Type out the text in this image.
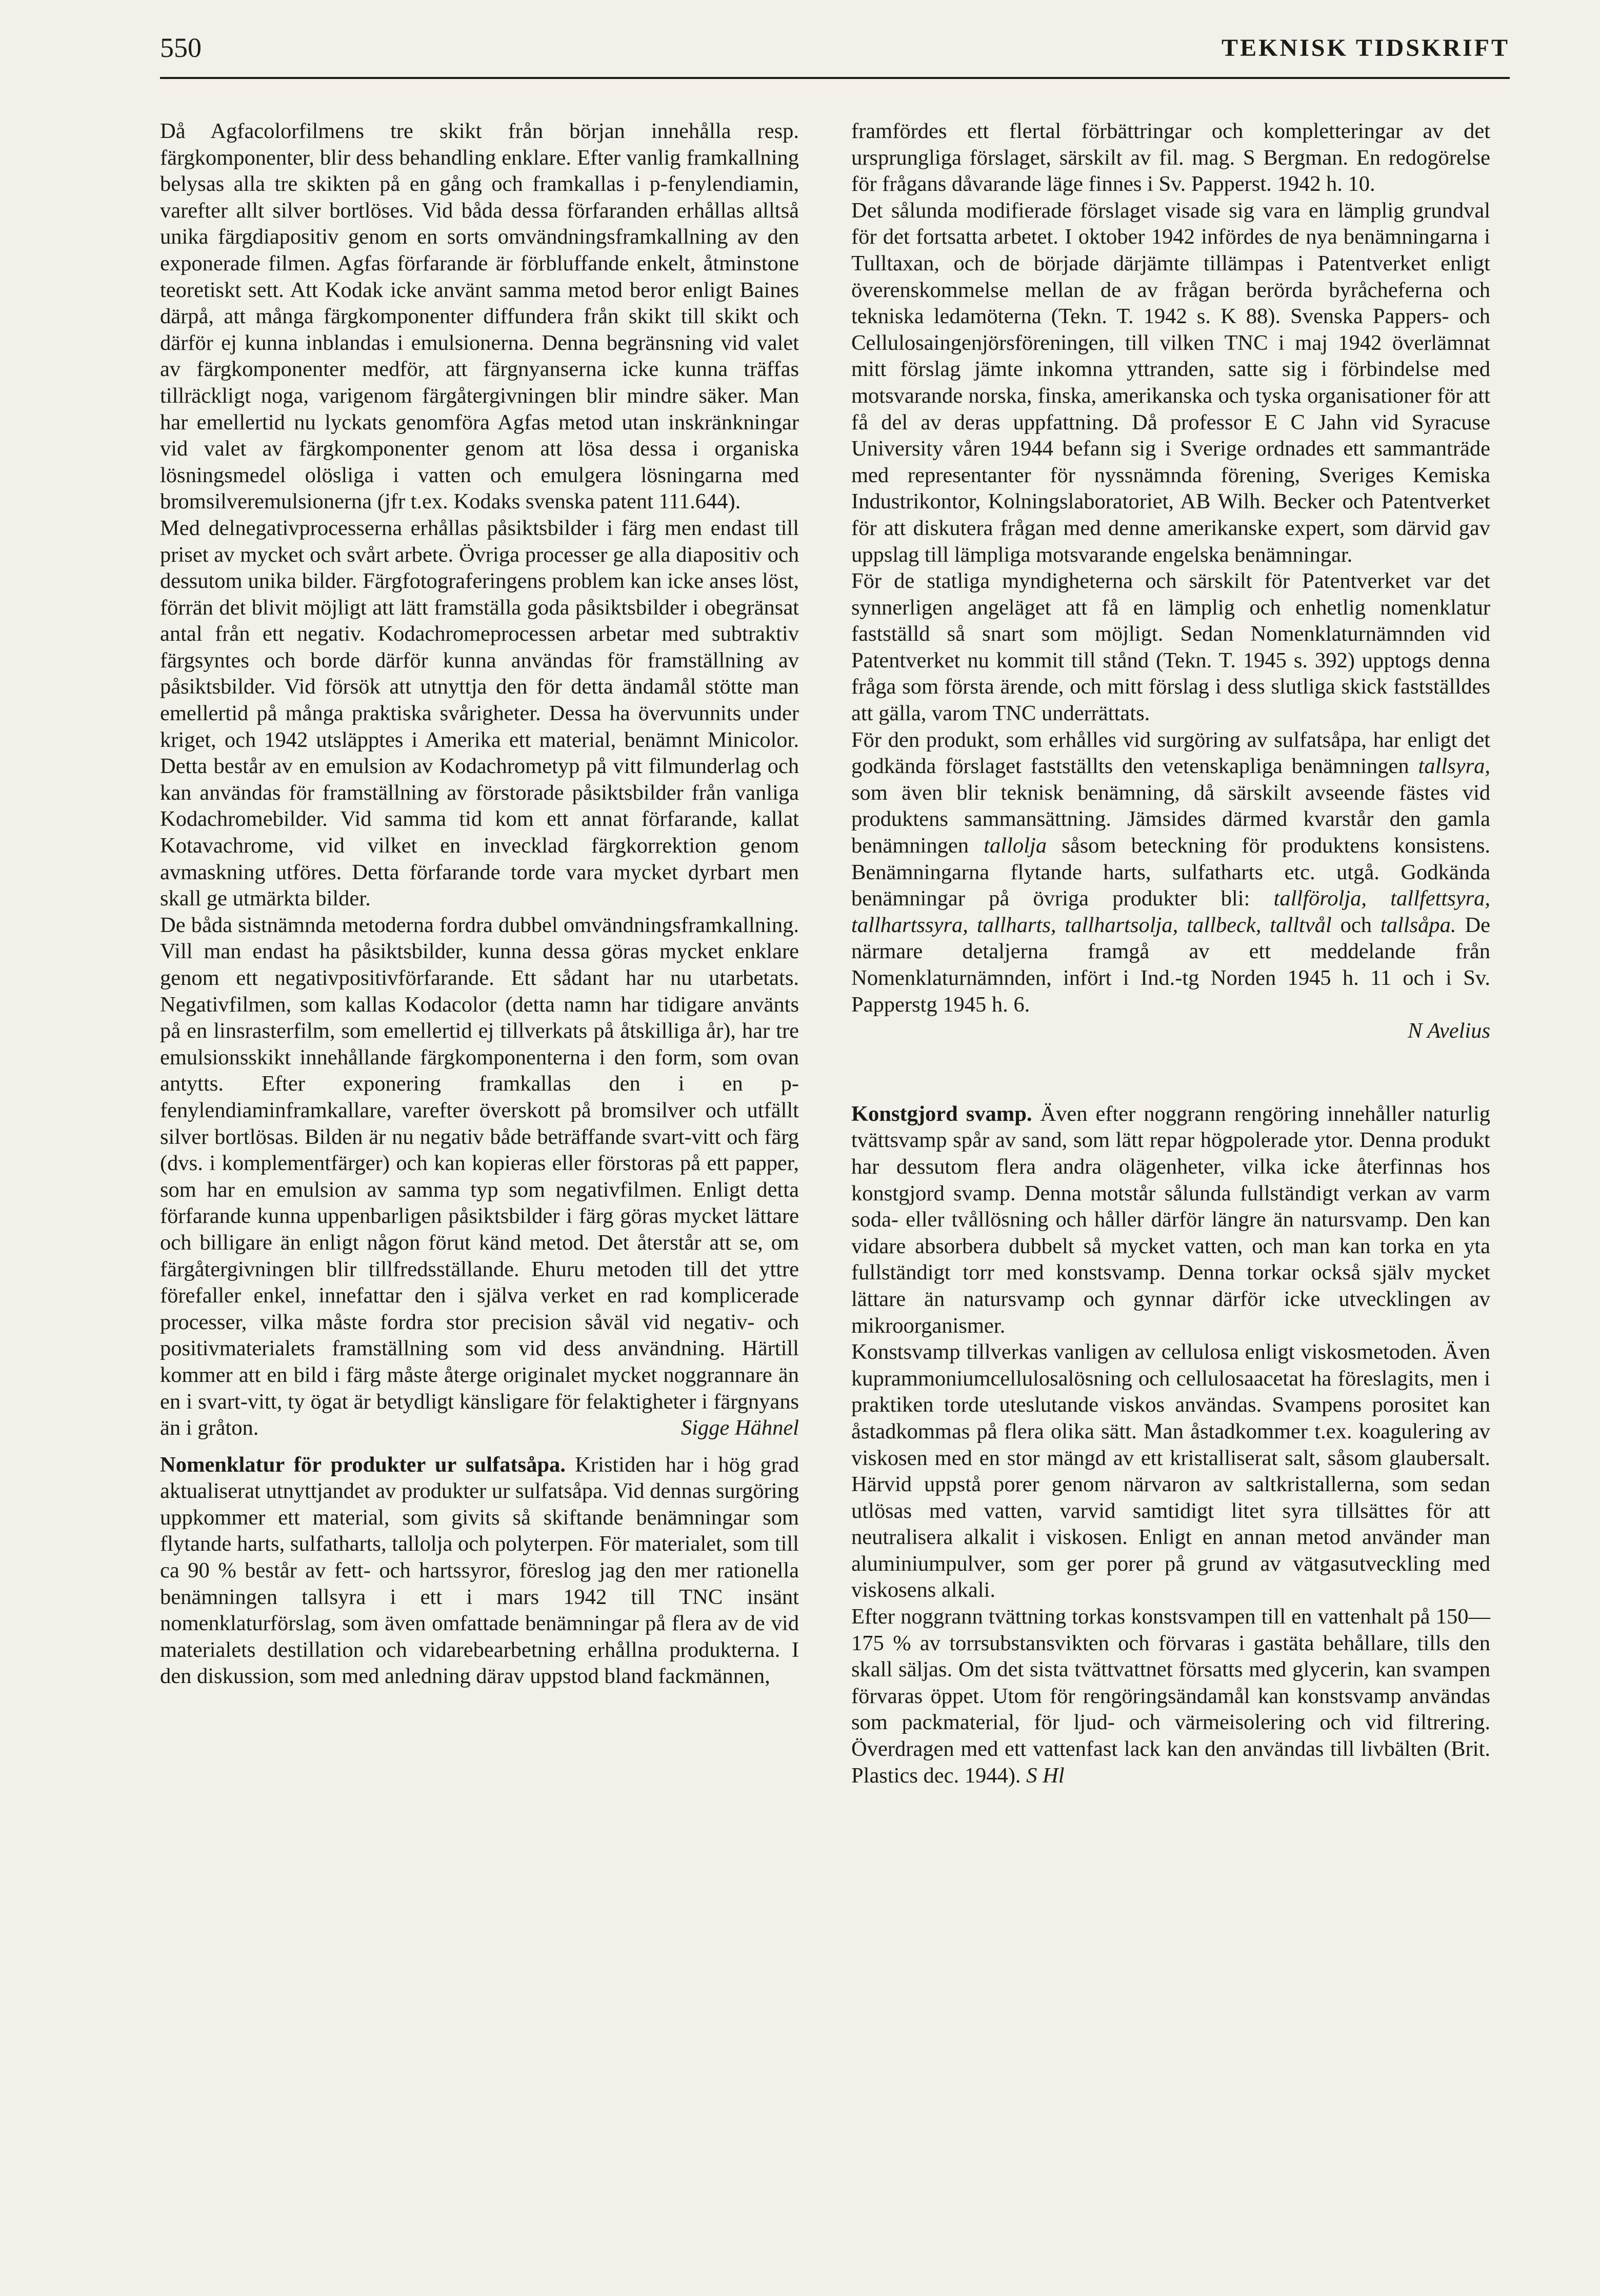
550	TEKNISK TIDSKRIFT

Då Agfacolorfilmens tre skikt från början innehålla resp. färgkomponenter, blir dess behandling enklare. Efter vanlig framkallning belysas alla tre skikten på en gång och framkallas i p-fenylendiamin, varefter allt silver bortlöses. Vid båda dessa förfaranden erhållas alltså unika färgdiapositiv genom en sorts omvändningsframkallning av den exponerade filmen. Agfas förfarande är förbluffande enkelt, åtminstone teoretiskt sett. Att Kodak icke använt samma metod beror enligt Baines därpå, att många färgkomponenter diffundera från skikt till skikt och därför ej kunna inblandas i emulsionerna. Denna begränsning vid valet av färgkomponenter medför, att färgnyanserna icke kunna träffas tillräckligt noga, varigenom färgåtergivningen blir mindre säker. Man har emellertid nu lyckats genomföra Agfas metod utan inskränkningar vid valet av färgkomponenter genom att lösa dessa i organiska lösningsmedel olösliga i vatten och emulgera lösningarna med bromsilveremulsionerna (jfr t.ex. Kodaks svenska patent 111.644).

Med delnegativprocesserna erhållas påsiktsbilder i färg men endast till priset av mycket och svårt arbete. Övriga processer ge alla diapositiv och dessutom unika bilder. Färgfotograferingens problem kan icke anses löst, förrän det blivit möjligt att lätt framställa goda påsiktsbilder i obegränsat antal från ett negativ. Kodachromeprocessen arbetar med subtraktiv färgsyntes och borde därför kunna användas för framställning av påsiktsbilder. Vid försök att utnyttja den för detta ändamål stötte man emellertid på många praktiska svårigheter. Dessa ha övervunnits under kriget, och 1942 utsläpptes i Amerika ett material, benämnt Minicolor. Detta består av en emulsion av Kodachrometyp på vitt filmunderlag och kan användas för framställning av förstorade påsiktsbilder från vanliga Kodachromebilder. Vid samma tid kom ett annat förfarande, kallat Kotavachrome, vid vilket en invecklad färgkorrektion genom avmaskning utföres. Detta förfarande torde vara mycket dyrbart men skall ge utmärkta bilder.

De båda sistnämnda metoderna fordra dubbel omvändningsframkallning. Vill man endast ha påsiktsbilder, kunna dessa göras mycket enklare genom ett negativpositivförfarande. Ett sådant har nu utarbetats. Negativfilmen, som kallas Kodacolor (detta namn har tidigare använts på en linsrasterfilm, som emellertid ej tillverkats på åtskilliga år), har tre emulsionsskikt innehållande färgkomponenterna i den form, som ovan antytts. Efter exponering framkallas den i en p-fenylendiaminframkallare, varefter överskott på bromsilver och utfällt silver bortlösas. Bilden är nu negativ både beträffande svart-vitt och färg (dvs. i komplementfärger) och kan kopieras eller förstoras på ett papper, som har en emulsion av samma typ som negativfilmen. Enligt detta förfarande kunna uppenbarligen påsiktsbilder i färg göras mycket lättare och billigare än enligt någon förut känd metod. Det återstår att se, om färgåtergivningen blir tillfredsställande. Ehuru metoden till det yttre förefaller enkel, innefattar den i själva verket en rad komplicerade processer, vilka måste fordra stor precision såväl vid negativ- och positivmaterialets framställning som vid dess användning. Härtill kommer att en bild i färg måste återge originalet mycket noggrannare än en i svart-vitt, ty ögat är betydligt känsligare för felaktigheter i färgnyans än i gråton.	Sigge Hähnel

Nomenklatur för produkter ur sulfatsåpa. Kristiden har i hög grad aktualiserat utnyttjandet av produkter ur sulfatsåpa. Vid dennas surgöring uppkommer ett material, som givits så skiftande benämningar som flytande harts, sulfatharts, tallolja och polyterpen. För materialet, som till ca 90 % består av fett- och hartssyror, föreslog jag den mer rationella benämningen tallsyra i ett i mars 1942 till TNC insänt nomenklaturförslag, som även omfattade benämningar på flera av de vid materialets destillation och vidarebearbetning erhållna produkterna. I den diskussion, som med anledning därav uppstod bland fackmännen,

framfördes ett flertal förbättringar och kompletteringar av det ursprungliga förslaget, särskilt av fil. mag. S Bergman. En redogörelse för frågans dåvarande läge finnes i Sv. Papperst. 1942 h. 10.

Det sålunda modifierade förslaget visade sig vara en lämplig grundval för det fortsatta arbetet. I oktober 1942 infördes de nya benämningarna i Tulltaxan, och de började därjämte tillämpas i Patentverket enligt överenskommelse mellan de av frågan berörda byråcheferna och tekniska ledamöterna (Tekn. T. 1942 s. K 88). Svenska Pappers- och Cellulosaingenjörsföreningen, till vilken TNC i maj 1942 överlämnat mitt förslag jämte inkomna yttranden, satte sig i förbindelse med motsvarande norska, finska, amerikanska och tyska organisationer för att få del av deras uppfattning. Då professor E C Jahn vid Syracuse University våren 1944 befann sig i Sverige ordnades ett sammanträde med representanter för nyssnämnda förening, Sveriges Kemiska Industrikontor, Kolningslaboratoriet, AB Wilh. Becker och Patentverket för att diskutera frågan med denne amerikanske expert, som därvid gav uppslag till lämpliga motsvarande engelska benämningar.

För de statliga myndigheterna och särskilt för Patentverket var det synnerligen angeläget att få en lämplig och enhetlig nomenklatur fastställd så snart som möjligt. Sedan Nomenklaturnämnden vid Patentverket nu kommit till stånd (Tekn. T. 1945 s. 392) upptogs denna fråga som första ärende, och mitt förslag i dess slutliga skick fastställdes att gälla, varom TNC underrättats.

För den produkt, som erhålles vid surgöring av sulfatsåpa, har enligt det godkända förslaget fastställts den vetenskapliga benämningen tallsyra, som även blir teknisk benämning, då särskilt avseende fästes vid produktens sammansättning. Jämsides därmed kvarstår den gamla benämningen tallolja såsom beteckning för produktens konsistens. Benämningarna flytande harts, sulfatharts etc. utgå. Godkända benämningar på övriga produkter bli: tallförolja, tallfettsyra, tallhartssyra, tallharts, tallhartsolja, tallbeck, talltvål och tallsåpa. De närmare detaljerna framgå av ett meddelande från Nomenklaturnämnden, infört i Ind.-tg Norden 1945 h. 11 och i Sv. Papperstg 1945 h. 6.

N Avelius

Konstgjord svamp. Även efter noggrann rengöring innehåller naturlig tvättsvamp spår av sand, som lätt repar högpolerade ytor. Denna produkt har dessutom flera andra olägenheter, vilka icke återfinnas hos konstgjord svamp. Denna motstår sålunda fullständigt verkan av varm soda- eller tvållösning och håller därför längre än natursvamp. Den kan vidare absorbera dubbelt så mycket vatten, och man kan torka en yta fullständigt torr med konstsvamp. Denna torkar också själv mycket lättare än natursvamp och gynnar därför icke utvecklingen av mikroorganismer.

Konstsvamp tillverkas vanligen av cellulosa enligt viskosmetoden. Även kuprammoniumcellulosalösning och cellulosaacetat ha föreslagits, men i praktiken torde uteslutande viskos användas. Svampens porositet kan åstadkommas på flera olika sätt. Man åstadkommer t.ex. koagulering av viskosen med en stor mängd av ett kristalliserat salt, såsom glaubersalt. Härvid uppstå porer genom närvaron av saltkristallerna, som sedan utlösas med vatten, varvid samtidigt litet syra tillsättes för att neutralisera alkalit i viskosen. Enligt en annan metod använder man aluminiumpulver, som ger porer på grund av vätgasutveckling med viskosens alkali.

Efter noggrann tvättning torkas konstsvampen till en vattenhalt på 150—175 % av torrsubstansvikten och förvaras i gastäta behållare, tills den skall säljas. Om det sista tvättvattnet försatts med glycerin, kan svampen förvaras öppet. Utom för rengöringsändamål kan konstsvamp användas som packmaterial, för ljud- och värmeisolering och vid filtrering. Överdragen med ett vattenfast lack kan den användas till livbälten (Brit. Plastics dec. 1944). S Hl
